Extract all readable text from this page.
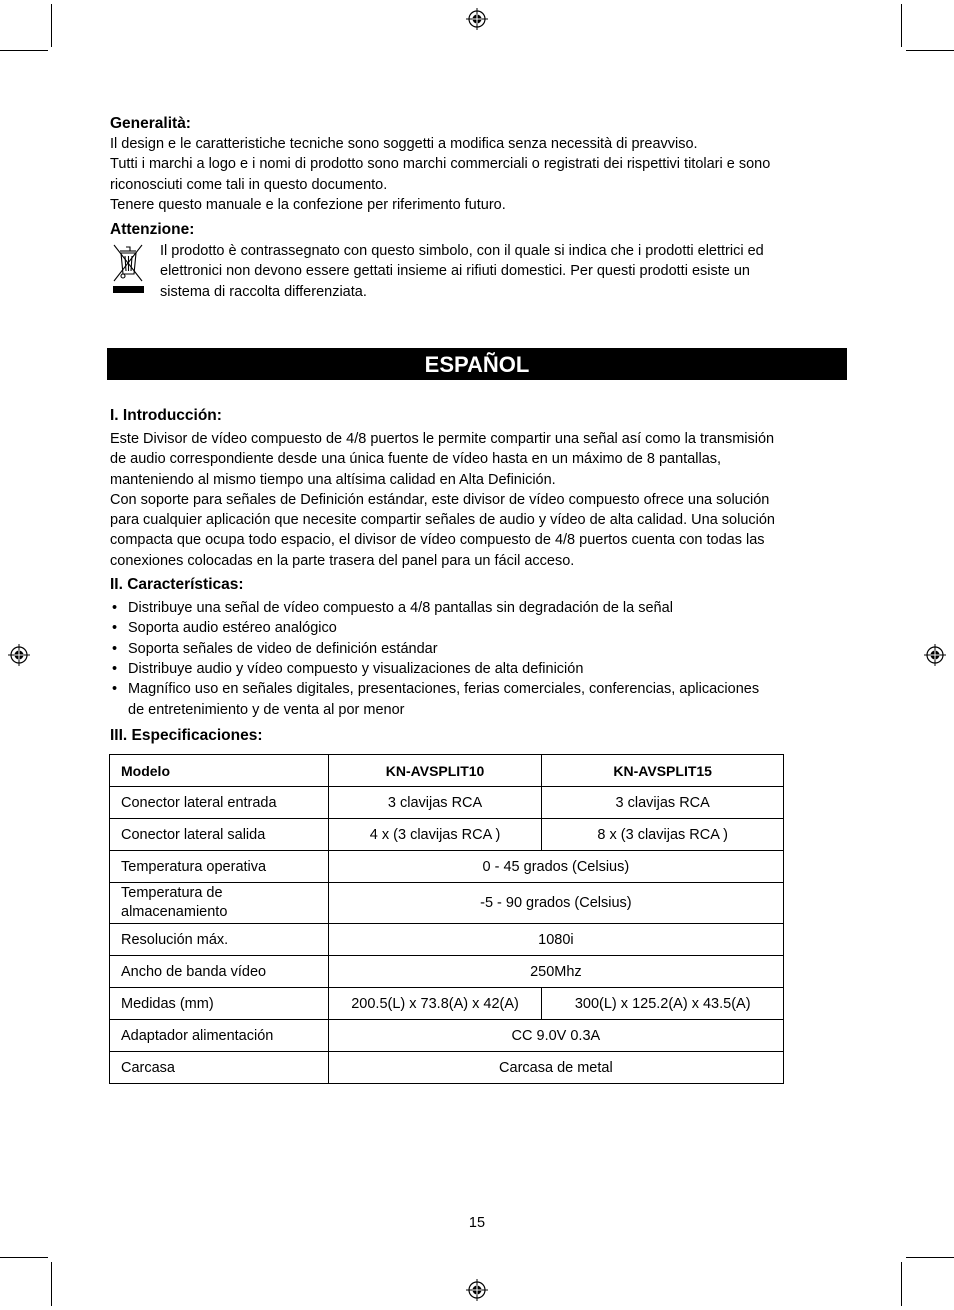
Generalità:

Il design e le caratteristiche tecniche sono soggetti a modifica senza necessità di preavviso.

Tutti i marchi a logo e i nomi di prodotto sono marchi commerciali o registrati dei rispettivi titolari e sono

riconosciuti come tali in questo documento.

Tenere questo manuale e la confezione per riferimento futuro.

Attenzione:

Il prodotto è contrassegnato con questo simbolo, con il quale si indica che i prodotti elettrici ed

elettronici non devono essere gettati insieme ai rifiuti domestici. Per questi prodotti esiste un

sistema di raccolta differenziata.

ESPAÑOL

I. Introducción:

Este Divisor de vídeo compuesto de 4/8 puertos le permite compartir una señal así como la transmisión

de audio correspondiente desde una única fuente de vídeo hasta en un máximo de 8 pantallas,

manteniendo al mismo tiempo una altísima calidad en Alta Definición.

Con soporte para señales de Definición estándar, este divisor de vídeo compuesto ofrece una solución

para cualquier aplicación que necesite compartir señales de audio y vídeo de alta calidad. Una solución

compacta que ocupa todo espacio, el divisor de vídeo compuesto de 4/8 puertos cuenta con todas las

conexiones colocadas en la parte trasera del panel para un fácil acceso.

II. Características:

• Distribuye una señal de vídeo compuesto a 4/8 pantallas sin degradación de la señal
• Soporta audio estéreo analógico
• Soporta señales de video de definición estándar
• Distribuye audio y vídeo compuesto y visualizaciones de alta definición
• Magnífico uso en señales digitales, presentaciones, ferias comerciales, conferencias, aplicaciones
de entretenimiento y de venta al por menor

III. Especificaciones:

Modelo	KN-AVSPLIT10	KN-AVSPLIT15
Conector lateral entrada	3 clavijas RCA	3 clavijas RCA
Conector lateral salida	4 x (3 clavijas RCA )	8 x (3 clavijas RCA )
Temperatura operativa	0 - 45 grados (Celsius)	
Temperatura de
almacenamiento	-5 - 90 grados (Celsius)	
Resolución máx.	1080i	
Ancho de banda vídeo	250Mhz	
Medidas (mm)	200.5(L) x 73.8(A) x 42(A)	300(L) x 125.2(A) x 43.5(A)
Adaptador alimentación	CC 9.0V 0.3A	
Carcasa	Carcasa de metal	
15
